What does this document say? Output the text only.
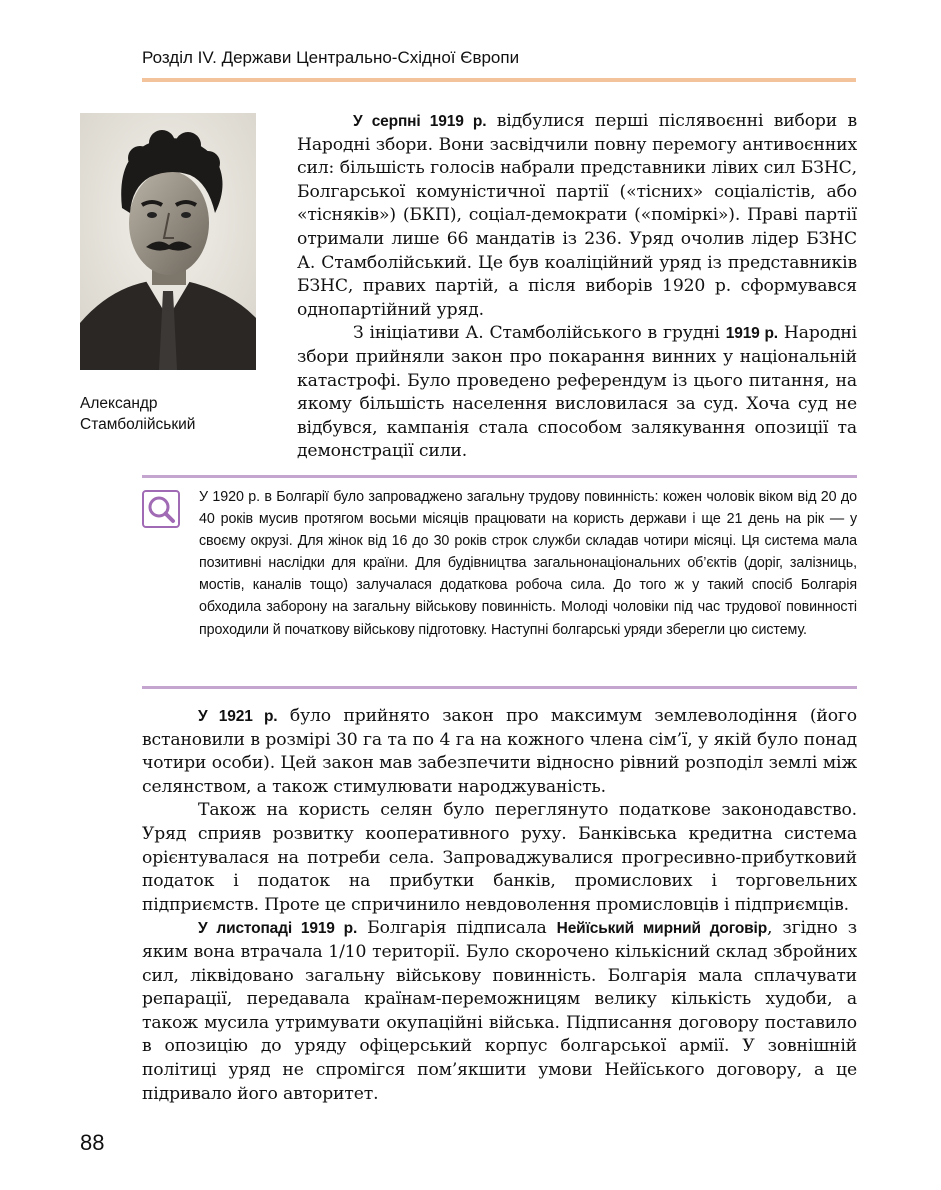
Розділ IV. Держави Центрально-Східної Європи
Александр
Стамболійський

У серпні 1919 р. відбулися перші післявоєнні вибори в Народні збори. Вони засвідчили повну перемогу антивоєнних сил: більшість голосів набрали представники лівих сил БЗНС, Болгарської комуністичної партії («тісних» соціалістів, або «тісняків») (БКП), соціал-демократи («поміркі»). Праві партії отримали лише 66 мандатів із 236. Уряд очолив лідер БЗНС А. Стамболійський. Це був коаліційний уряд із представників БЗНС, правих партій, а після виборів 1920 р. сформувався однопартійний уряд.

З ініціативи А. Стамболійського в грудні 1919 р. Народні збори прийняли закон про покарання винних у національній катастрофі. Було проведено референдум із цього питання, на якому більшість населення висловилася за суд. Хоча суд не відбувся, кампанія стала способом залякування опозиції та демонстрації сили.

У 1920 р. в Болгарії було запроваджено загальну трудову повинність: кожен чоловік віком від 20 до 40 років мусив протягом восьми місяців працювати на користь держави і ще 21 день на рік — у своєму окрузі. Для жінок від 16 до 30 років строк служби складав чотири місяці. Ця система мала позитивні наслідки для країни. Для будівництва загальнонаціональних об’єктів (доріг, залізниць, мостів, каналів тощо) залучалася додаткова робоча сила. До того ж у такий спосіб Болгарія обходила заборону на загальну військову повинність. Молоді чоловіки під час трудової повинності проходили й початкову військову підготовку. Наступні болгарські уряди зберегли цю систему.

У 1921 р. було прийнято закон про максимум землеволодіння (його встановили в розмірі 30 га та по 4 га на кожного члена сім’ї, у якій було понад чотири особи). Цей закон мав забезпечити відносно рівний розподіл землі між селянством, а також стимулювати народжуваність.

Також на користь селян було переглянуто податкове законодавство. Уряд сприяв розвитку кооперативного руху. Банківська кредитна система орієнтувалася на потреби села. Запроваджувалися прогресивно-прибутковий податок і податок на прибутки банків, промислових і торговельних підприємств. Проте це спричинило невдоволення промисловців і підприємців.

У листопаді 1919 р. Болгарія підписала Нейїський мирний договір, згідно з яким вона втрачала 1/10 території. Було скорочено кількісний склад збройних сил, ліквідовано загальну військову повинність. Болгарія мала сплачувати репарації, передавала країнам-переможницям велику кількість худоби, а також мусила утримувати окупаційні війська. Підписання договору поставило в опозицію до уряду офіцерський корпус болгарської армії. У зовнішній політиці уряд не спромігся пом’якшити умови Нейїського договору, а це підривало його авторитет.

88
